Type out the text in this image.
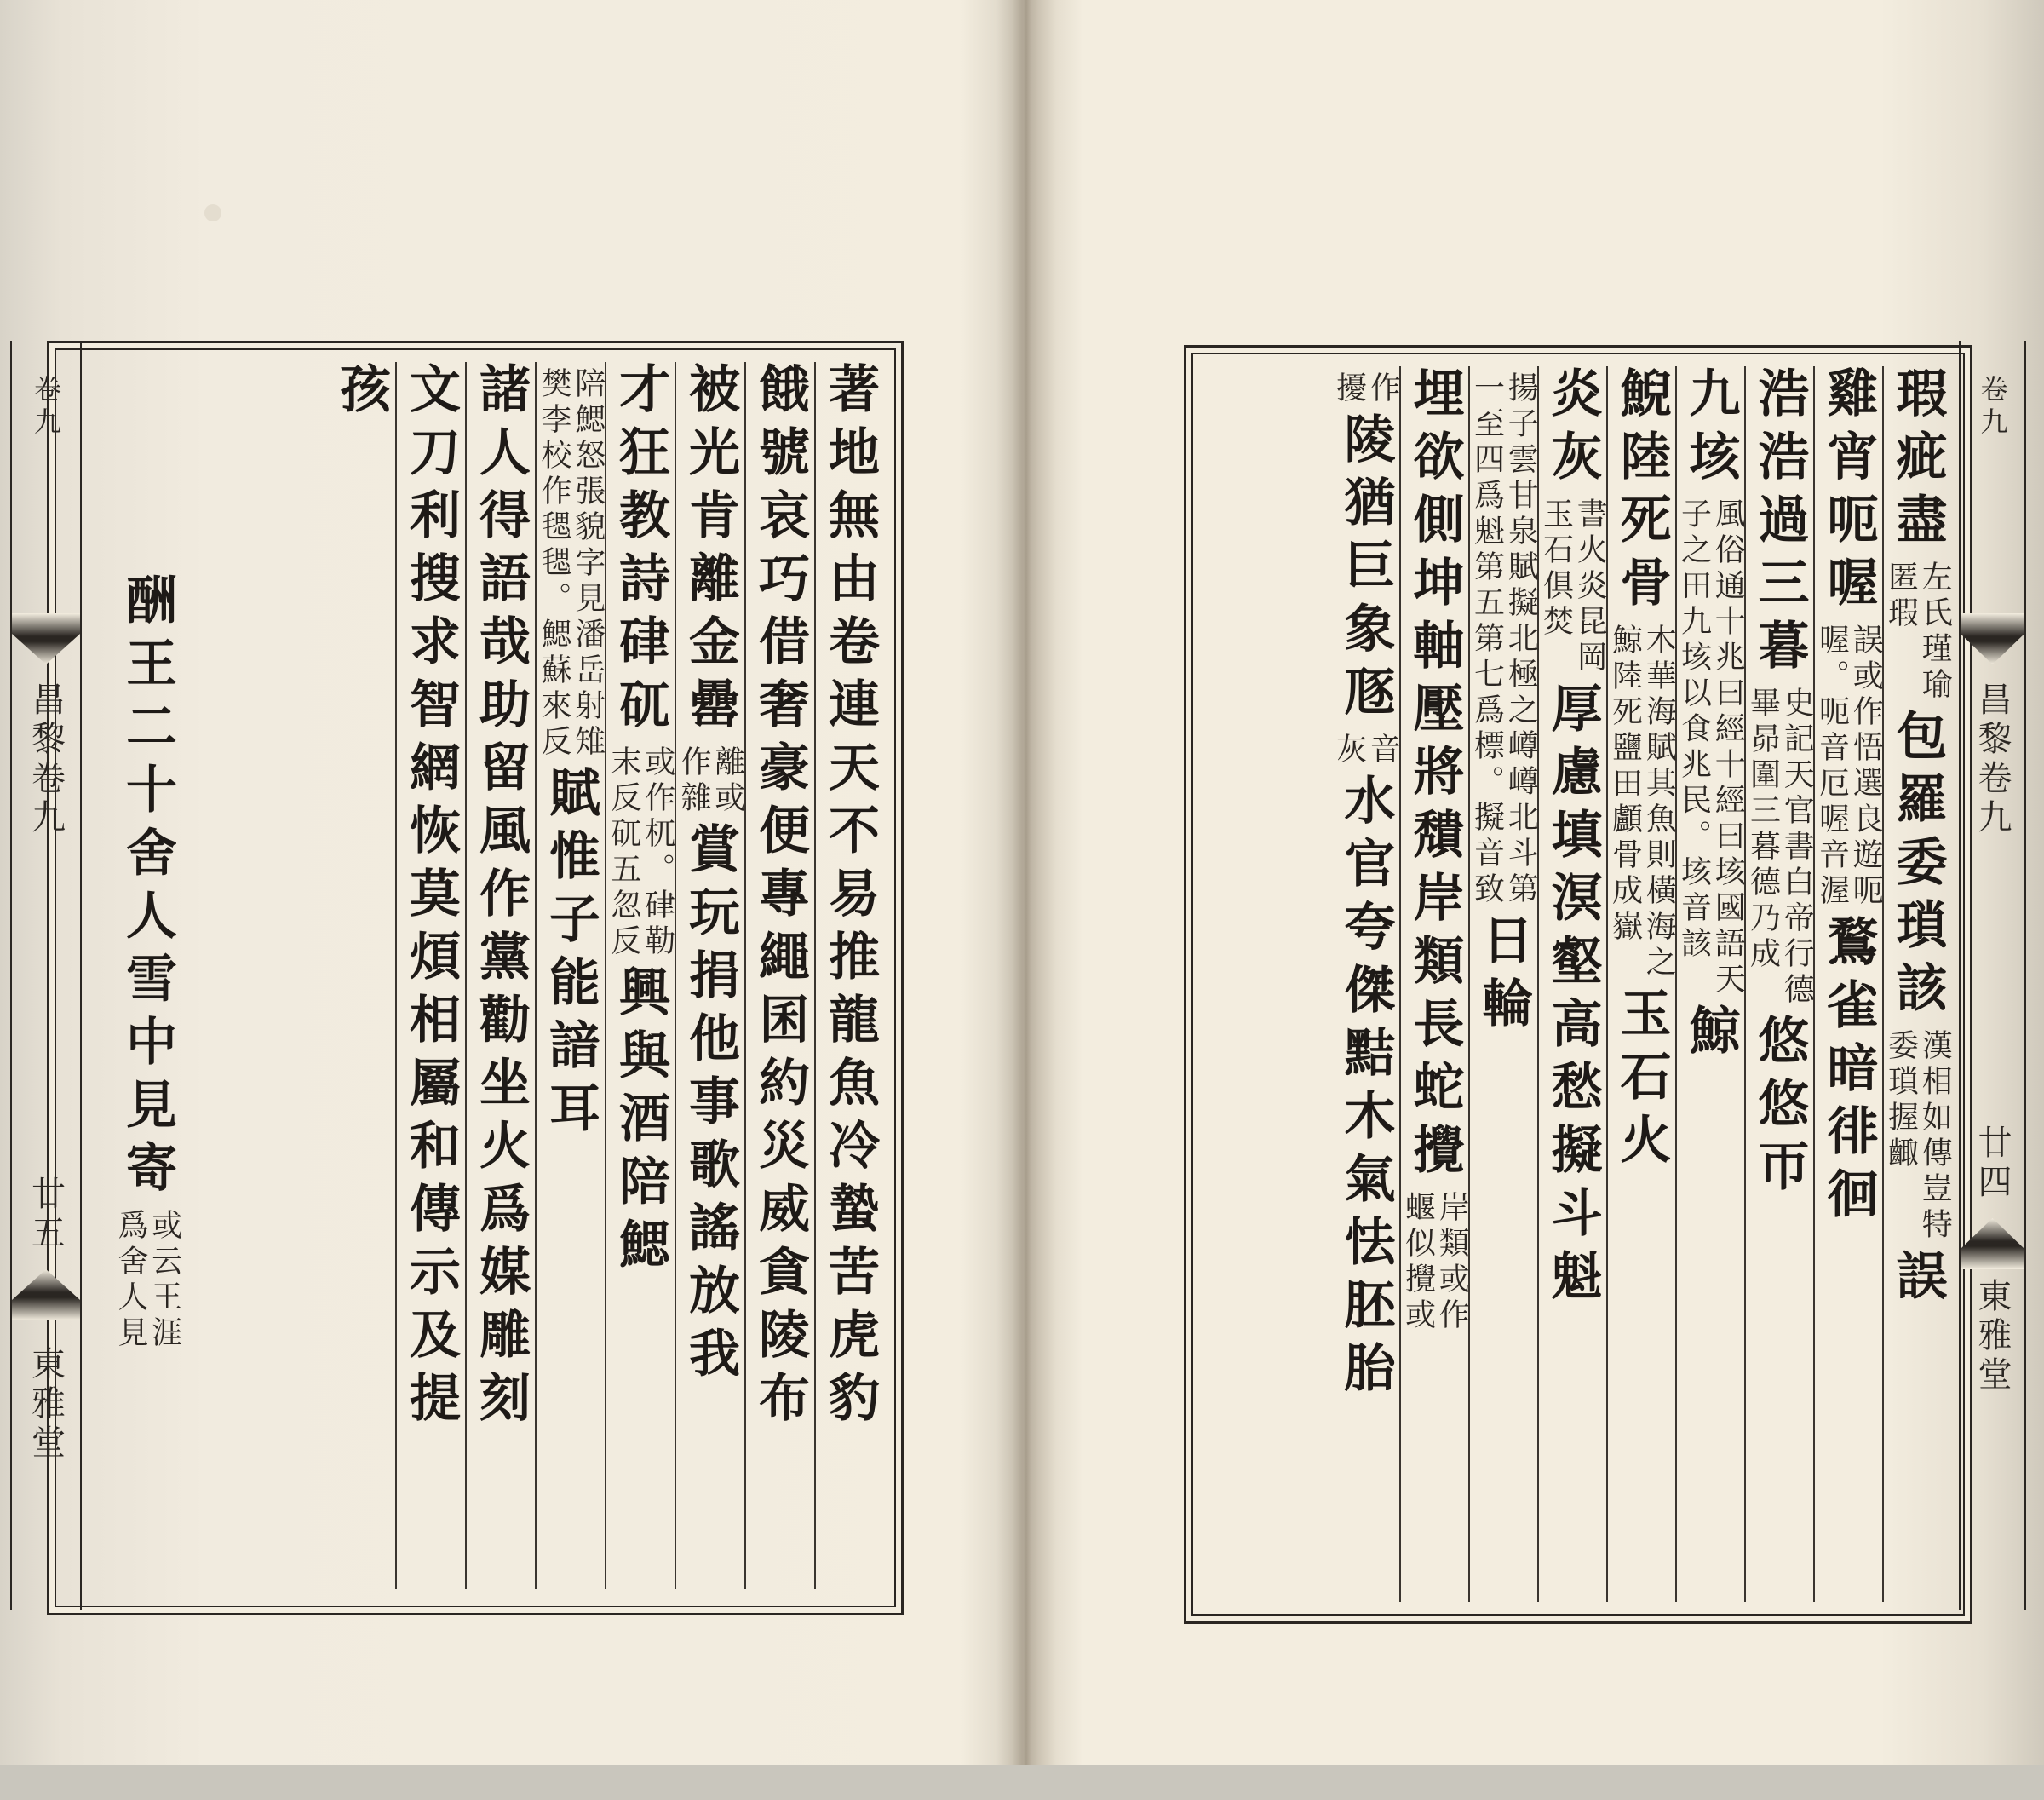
著地無由卷連天不易推龍魚冷蟄苦虎豹
餓號哀巧借奢豪便專繩囷約災威貪陵布
被光肯離金罍
離或
作雜
賞玩捐他事歌謠放我
才狂教詩硉矹
或作杌。硉勒
末反矹五忽反
興與酒陪鰓
陪鰓怒張貌字見潘岳射雉
樊李校作毸毸。鰓蘇來反
賦
惟子能諳耳
諸人得語哉助留風作黨勸坐火爲媒雕刻
文刀利搜求智網恢莫煩相屬和傳示及提
孩
酬王二十舍人雪中見寄
或云王涯
爲舍人見
卷九
昌黎卷九
廿五
東雅堂
瑕疵盡
左氏瑾瑜
匿瑕
包羅委瑣該
漢相如傳豈特
委瑣握齱
誤
雞宵呃喔
誤或作悟選良遊呃
喔。呃音厄喔音渥
鶩雀暗徘徊
浩浩過三暮
史記天官書白帝行德
畢昴圍三暮德乃成
悠悠帀
九垓
風俗通十兆曰經十經曰垓國語天
子之田九垓以食兆民。垓音該
鯨
鯢陸死骨
木華海賦其魚則橫海之
鯨陸死鹽田顱骨成嶽
玉石火
炎灰
書火炎昆岡
玉石俱焚
厚慮填溟壑高愁擬斗魁
揚子雲甘泉賦擬北極之嶟嶟北斗第
一至四爲魁第五第七爲標。擬音致
日輪
埋欲側坤軸壓將穨岸類長蛇攪
岸類或作
蝘似攪或
作
擾
陵猶巨象豗
音
灰
水官夸傑黠木氣怯胚胎
卷九
昌黎卷九
廿四
東雅堂
